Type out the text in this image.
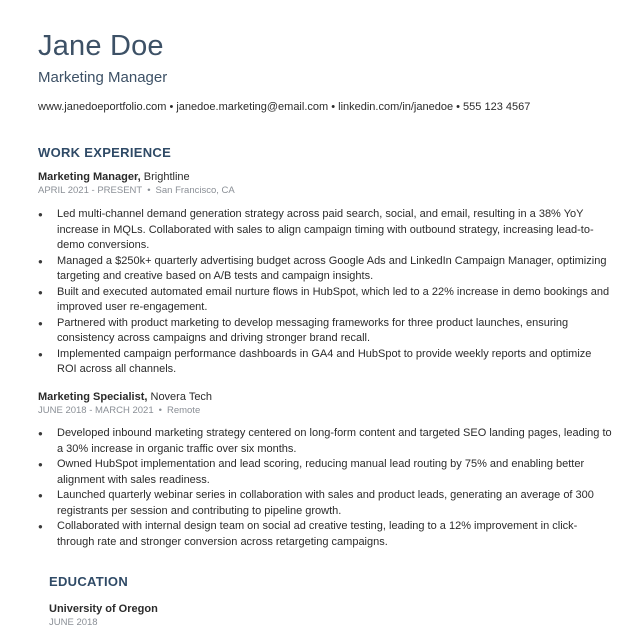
Jane Doe
Marketing Manager
www.janedoeportfolio.com • janedoe.marketing@email.com • linkedin.com/in/janedoe • 555 123 4567
WORK EXPERIENCE
Marketing Manager, Brightline
APRIL 2021 - PRESENT • San Francisco, CA
● Led multi-channel demand generation strategy across paid search, social, and email, resulting in a 38% YoY increase in MQLs. Collaborated with sales to align campaign timing with outbound strategy, increasing lead-to-demo conversions.
● Managed a $250k+ quarterly advertising budget across Google Ads and LinkedIn Campaign Manager, optimizing targeting and creative based on A/B tests and campaign insights.
● Built and executed automated email nurture flows in HubSpot, which led to a 22% increase in demo bookings and improved user re-engagement.
● Partnered with product marketing to develop messaging frameworks for three product launches, ensuring consistency across campaigns and driving stronger brand recall.
● Implemented campaign performance dashboards in GA4 and HubSpot to provide weekly reports and optimize ROI across all channels.
Marketing Specialist, Novera Tech
JUNE 2018 - MARCH 2021 • Remote
● Developed inbound marketing strategy centered on long-form content and targeted SEO landing pages, leading to a 30% increase in organic traffic over six months.
● Owned HubSpot implementation and lead scoring, reducing manual lead routing by 75% and enabling better alignment with sales readiness.
● Launched quarterly webinar series in collaboration with sales and product leads, generating an average of 300 registrants per session and contributing to pipeline growth.
● Collaborated with internal design team on social ad creative testing, leading to a 12% improvement in click-through rate and stronger conversion across retargeting campaigns.
EDUCATION
University of Oregon
JUNE 2018
